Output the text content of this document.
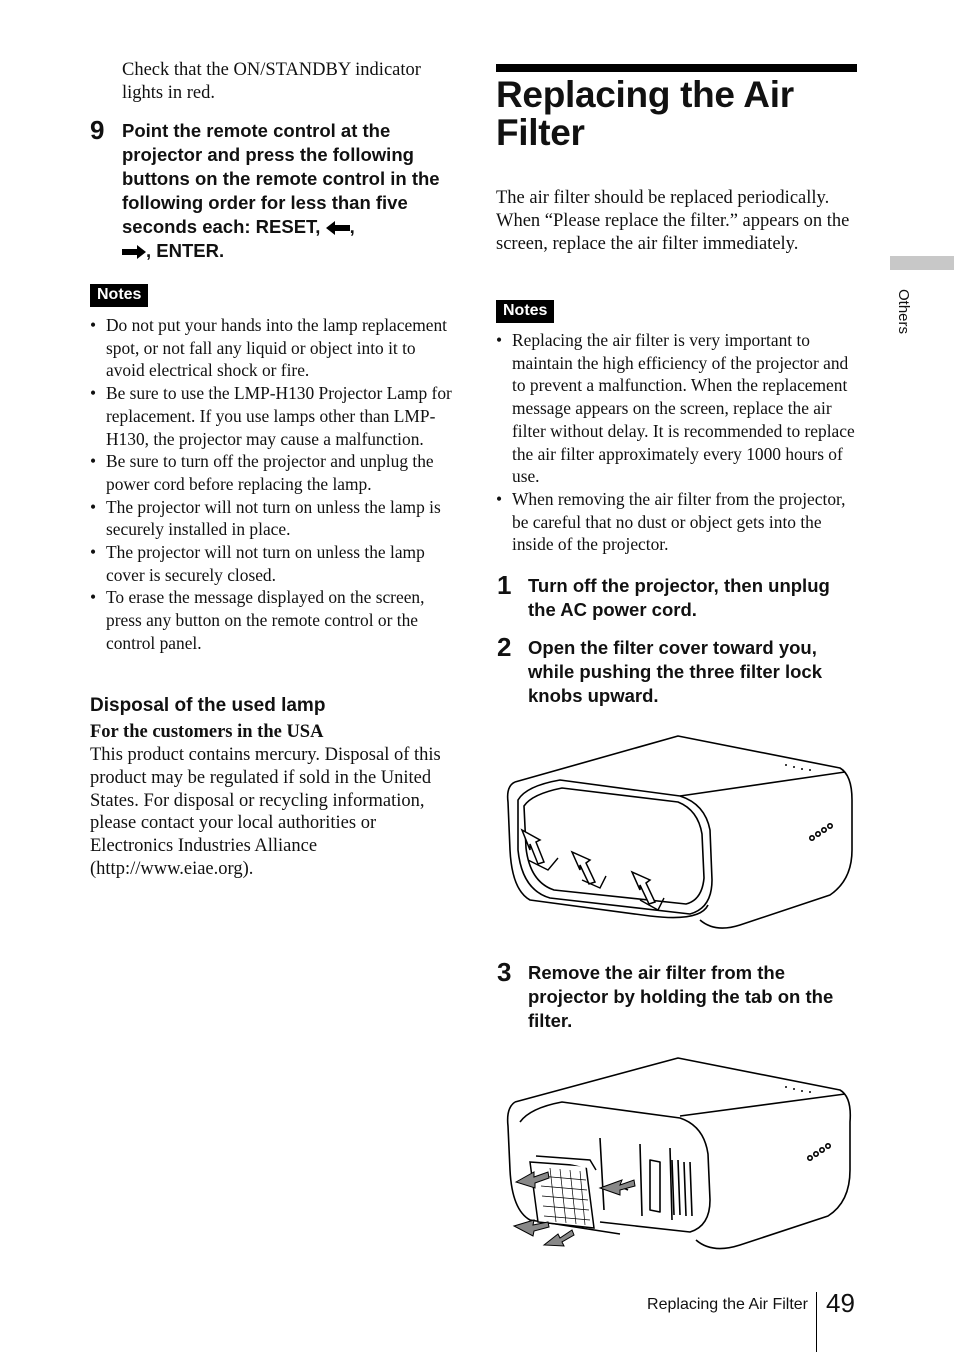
Check that the ON/STANDBY indicator lights in red.
9 Point the remote control at the projector and press the following buttons on the remote control in the following order for less than five seconds each: RESET, ,
, ENTER.
Notes
• Do not put your hands into the lamp replacement spot, or not fall any liquid or object into it to avoid electrical shock or fire.
• Be sure to use the LMP-H130 Projector Lamp for replacement. If you use lamps other than LMP-H130, the projector may cause a malfunction.
• Be sure to turn off the projector and unplug the power cord before replacing the lamp.
• The projector will not turn on unless the lamp is securely installed in place.
• The projector will not turn on unless the lamp cover is securely closed.
• To erase the message displayed on the screen, press any button on the remote control or the control panel.
Disposal of the used lamp
For the customers in the USA
This product contains mercury. Disposal of this product may be regulated if sold in the United States. For disposal or recycling information, please contact your local authorities or Electronics Industries Alliance (http://www.eiae.org).
Replacing the Air
Filter
The air filter should be replaced periodically. When “Please replace the filter.” appears on the screen, replace the air filter immediately.
Notes
• Replacing the air filter is very important to maintain the high efficiency of the projector and to prevent a malfunction. When the replacement message appears on the screen, replace the air filter without delay. It is recommended to replace the air filter approximately every 1000 hours of use.
• When removing the air filter from the projector, be careful that no dust or object gets into the inside of the projector.
1 Turn off the projector, then unplug the AC power cord.
2 Open the filter cover toward you, while pushing the three filter lock knobs upward.
3 Remove the air filter from the projector by holding the tab on the filter.
Others
Replacing the Air Filter 49
